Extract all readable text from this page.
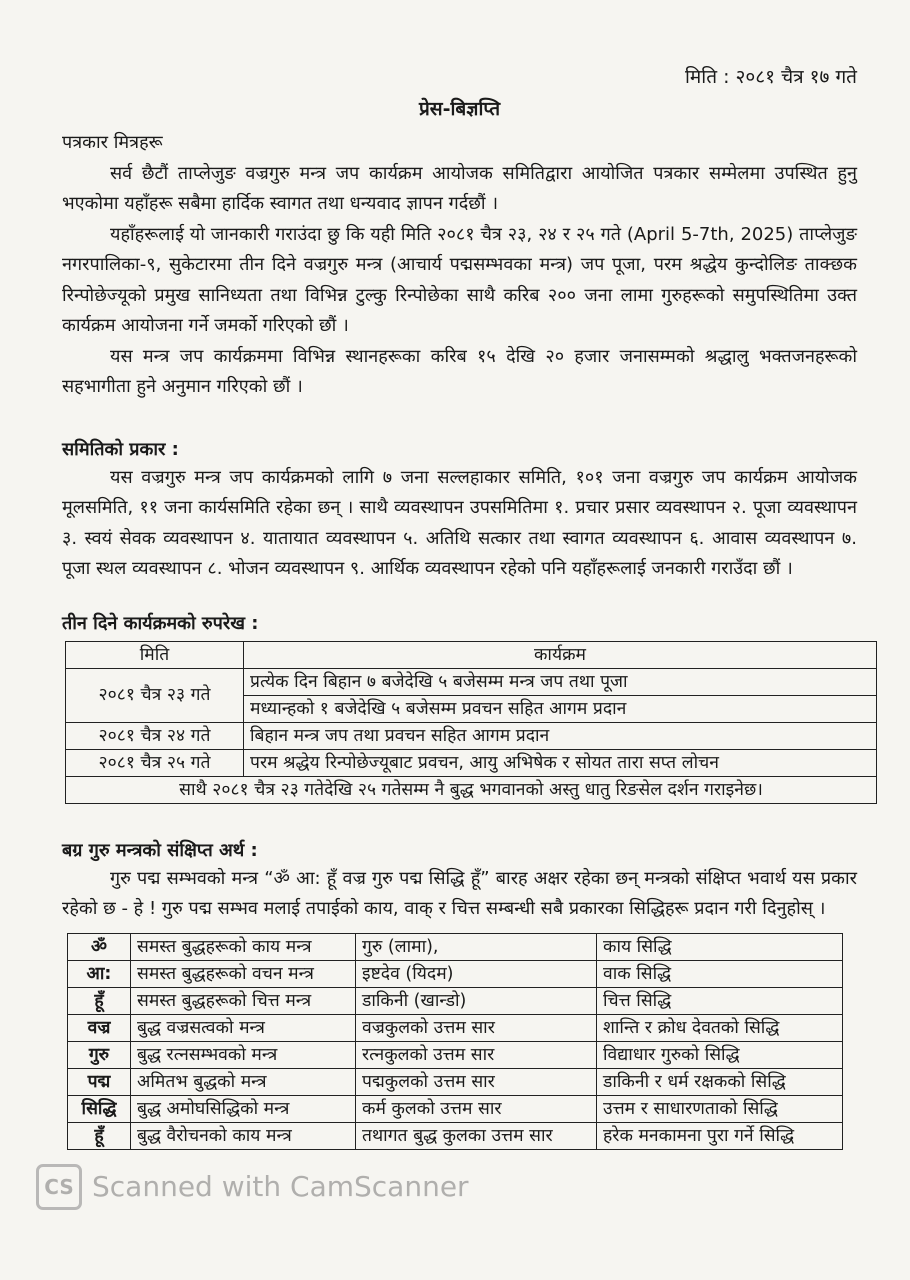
मिति : २०८१ चैत्र १७ गते
प्रेस-बिज्ञप्ति
पत्रकार मित्रहरू

सर्व छैटौं ताप्लेजुङ वज्रगुरु मन्त्र जप कार्यक्रम आयोजक समितिद्वारा आयोजित पत्रकार सम्मेलमा उपस्थित हुनु भएकोमा यहाँहरू सबैमा हार्दिक स्वागत तथा धन्यवाद ज्ञापन गर्दछौं ।

यहाँहरूलाई यो जानकारी गराउंदा छु कि यही मिति २०८१ चैत्र २३, २४ र २५ गते (April 5-7th, 2025) ताप्लेजुङ नगरपालिका-९, सुकेटारमा तीन दिने वज्रगुरु मन्त्र (आचार्य पद्मसम्भवका मन्त्र) जप पूजा, परम श्रद्धेय कुन्दोलिङ ताक्छक रिन्पोछेज्यूको प्रमुख सानिध्यता तथा विभिन्न टुल्कु रिन्पोछेका साथै करिब २०० जना लामा गुरुहरूको समुपस्थितिमा उक्त कार्यक्रम आयोजना गर्ने जमर्को गरिएको छौं ।

यस मन्त्र जप कार्यक्रममा विभिन्न स्थानहरूका करिब १५ देखि २० हजार जनासम्मको श्रद्धालु भक्तजनहरूको सहभागीता हुने अनुमान गरिएको छौं ।

समितिको प्रकार :

यस वज्रगुरु मन्त्र जप कार्यक्रमको लागि ७ जना सल्लहाकार समिति, १०१ जना वज्रगुरु जप कार्यक्रम आयोजक मूलसमिति, ११ जना कार्यसमिति रहेका छन् । साथै व्यवस्थापन उपसमितिमा १. प्रचार प्रसार व्यवस्थापन २. पूजा व्यवस्थापन ३. स्वयं सेवक व्यवस्थापन ४. यातायात व्यवस्थापन ५. अतिथि सत्कार तथा स्वागत व्यवस्थापन ६. आवास व्यवस्थापन ७. पूजा स्थल व्यवस्थापन ८. भोजन व्यवस्थापन ९. आर्थिक व्यवस्थापन रहेको पनि यहाँहरूलाई जनकारी गराउँदा छौं ।

तीन दिने कार्यक्रमको रुपरेख :
मिति	कार्यक्रम
२०८१ चैत्र २३ गते	प्रत्येक दिन बिहान ७ बजेदेखि ५ बजेसम्म मन्त्र जप तथा पूजा
	मध्यान्हको १ बजेदेखि ५ बजेसम्म प्रवचन सहित आगम प्रदान
२०८१ चैत्र २४ गते	बिहान मन्त्र जप तथा प्रवचन सहित आगम प्रदान
२०८१ चैत्र २५ गते	परम श्रद्धेय रिन्पोछेज्यूबाट प्रवचन, आयु अभिषेक र सोयत तारा सप्त लोचन
साथै २०८१ चैत्र २३ गतेदेखि २५ गतेसम्म नै बुद्ध भगवानको अस्तु धातु रिङसेल दर्शन गराइनेछ।	
बग्र गुरु मन्त्रको संक्षिप्त अर्थ :

गुरु पद्म सम्भवको मन्त्र “ॐ आ: हूँ वज्र गुरु पद्म सिद्धि हूँ” बारह अक्षर रहेका छन् मन्त्रको संक्षिप्त भवार्थ यस प्रकार रहेको छ - हे ! गुरु पद्म सम्भव मलाई तपाईको काय, वाक् र चित्त सम्बन्धी सबै प्रकारका सिद्धिहरू प्रदान गरी दिनुहोस् ।

ॐ	समस्त बुद्धहरूको काय मन्त्र	गुरु (लामा),	काय सिद्धि
आ:	समस्त बुद्धहरूको वचन मन्त्र	इष्टदेव (यिदम)	वाक सिद्धि
हूँ	समस्त बुद्धहरूको चित्त मन्त्र	डाकिनी (खान्डो)	चित्त सिद्धि
वज्र	बुद्ध वज्रसत्वको मन्त्र	वज्रकुलको उत्तम सार	शान्ति र क्रोध देवतको सिद्धि
गुरु	बुद्ध रत्नसम्भवको मन्त्र	रत्नकुलको उत्तम सार	विद्याधार गुरुको सिद्धि
पद्म	अमितभ बुद्धको मन्त्र	पद्मकुलको उत्तम सार	डाकिनी र धर्म रक्षकको सिद्धि
सिद्धि	बुद्ध अमोघसिद्धिको मन्त्र	कर्म कुलको उत्तम सार	उत्तम र साधारणताको सिद्धि
हूँ	बुद्ध वैरोचनको काय मन्त्र	तथागत बुद्ध कुलका उत्तम सार	हरेक मनकामना पुरा गर्ने सिद्धि
CS Scanned with CamScanner
